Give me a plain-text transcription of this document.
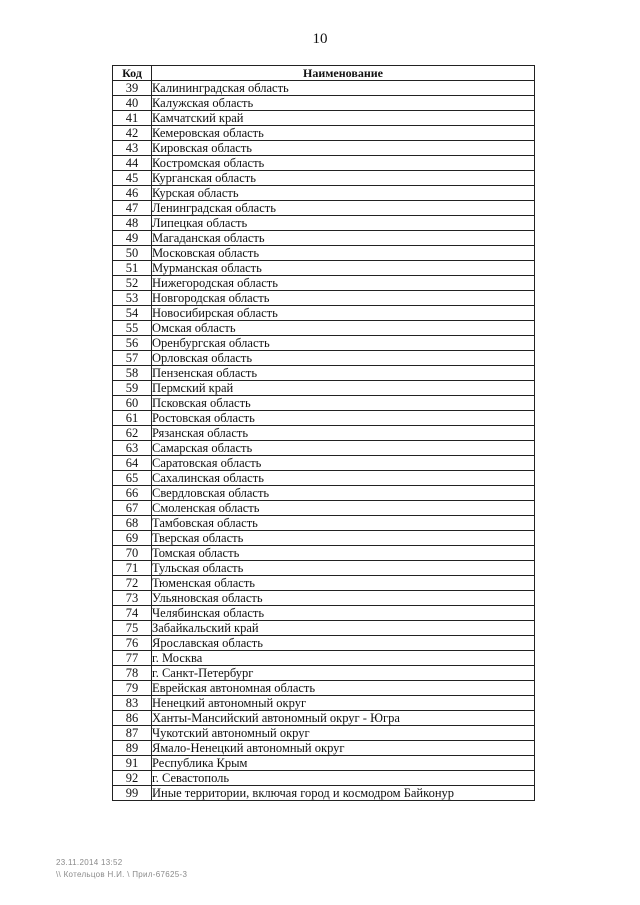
10
Код	Наименование
39	Калининградская область
40	Калужская область
41	Камчатский край
42	Кемеровская область
43	Кировская область
44	Костромская область
45	Курганская область
46	Курская область
47	Ленинградская область
48	Липецкая область
49	Магаданская область
50	Московская область
51	Мурманская область
52	Нижегородская область
53	Новгородская область
54	Новосибирская область
55	Омская область
56	Оренбургская область
57	Орловская область
58	Пензенская область
59	Пермский край
60	Псковская область
61	Ростовская область
62	Рязанская область
63	Самарская область
64	Саратовская область
65	Сахалинская область
66	Свердловская область
67	Смоленская область
68	Тамбовская область
69	Тверская область
70	Томская область
71	Тульская область
72	Тюменская область
73	Ульяновская область
74	Челябинская область
75	Забайкальский край
76	Ярославская область
77	г. Москва
78	г. Санкт-Петербург
79	Еврейская автономная область
83	Ненецкий автономный округ
86	Ханты-Мансийский автономный округ - Югра
87	Чукотский автономный округ
89	Ямало-Ненецкий автономный округ
91	Республика Крым
92	г. Севастополь
99	Иные территории, включая город и космодром Байконур
23.11.2014 13:52
\\ Котельцов Н.И. \ Прил-67625-3
